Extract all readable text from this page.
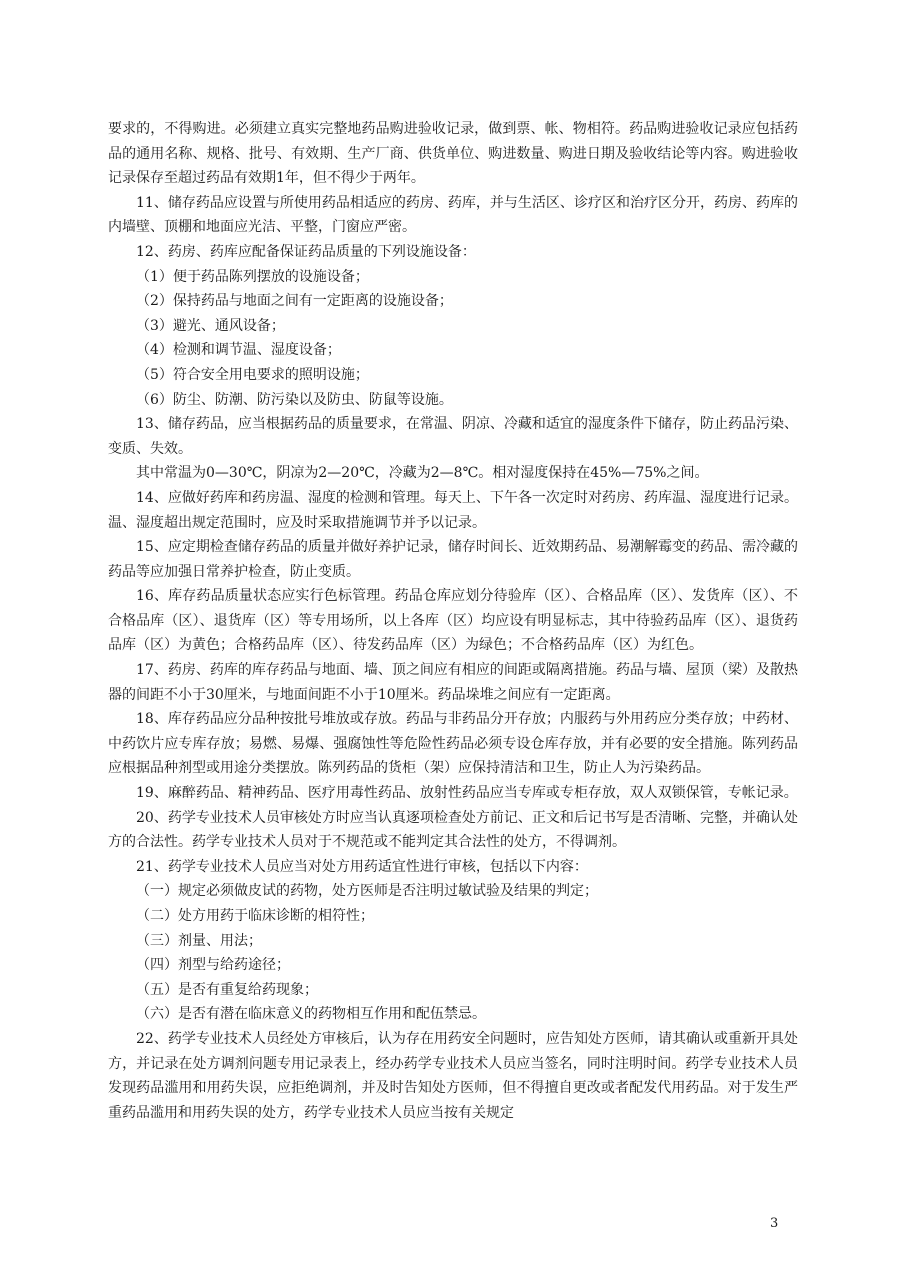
要求的，不得购进。必须建立真实完整地药品购进验收记录，做到票、帐、物相符。药品购进验收记录应包括药品的通用名称、规格、批号、有效期、生产厂商、供货单位、购进数量、购进日期及验收结论等内容。购进验收记录保存至超过药品有效期1年，但不得少于两年。

11、储存药品应设置与所使用药品相适应的药房、药库，并与生活区、诊疗区和治疗区分开，药房、药库的内墙壁、顶棚和地面应光洁、平整，门窗应严密。

12、药房、药库应配备保证药品质量的下列设施设备：

（1）便于药品陈列摆放的设施设备；

（2）保持药品与地面之间有一定距离的设施设备；

（3）避光、通风设备；

（4）检测和调节温、湿度设备；

（5）符合安全用电要求的照明设施；

（6）防尘、防潮、防污染以及防虫、防鼠等设施。

13、储存药品，应当根据药品的质量要求，在常温、阴凉、冷藏和适宜的湿度条件下储存，防止药品污染、变质、失效。

其中常温为0—30℃，阴凉为2—20℃，冷藏为2—8℃。相对湿度保持在45%—75%之间。

14、应做好药库和药房温、湿度的检测和管理。每天上、下午各一次定时对药房、药库温、湿度进行记录。温、湿度超出规定范围时，应及时采取措施调节并予以记录。

15、应定期检查储存药品的质量并做好养护记录，储存时间长、近效期药品、易潮解霉变的药品、需冷藏的药品等应加强日常养护检查，防止变质。

16、库存药品质量状态应实行色标管理。药品仓库应划分待验库（区）、合格品库（区）、发货库（区）、不合格品库（区）、退货库（区）等专用场所，以上各库（区）均应设有明显标志，其中待验药品库（区）、退货药品库（区）为黄色；合格药品库（区）、待发药品库（区）为绿色；不合格药品库（区）为红色。

17、药房、药库的库存药品与地面、墙、顶之间应有相应的间距或隔离措施。药品与墙、屋顶（梁）及散热器的间距不小于30厘米，与地面间距不小于10厘米。药品垛堆之间应有一定距离。

18、库存药品应分品种按批号堆放或存放。药品与非药品分开存放；内服药与外用药应分类存放；中药材、中药饮片应专库存放；易燃、易爆、强腐蚀性等危险性药品必须专设仓库存放，并有必要的安全措施。陈列药品应根据品种剂型或用途分类摆放。陈列药品的货柜（架）应保持清洁和卫生，防止人为污染药品。

19、麻醉药品、精神药品、医疗用毒性药品、放射性药品应当专库或专柜存放，双人双锁保管，专帐记录。

20、药学专业技术人员审核处方时应当认真逐项检查处方前记、正文和后记书写是否清晰、完整，并确认处方的合法性。药学专业技术人员对于不规范或不能判定其合法性的处方，不得调剂。

21、药学专业技术人员应当对处方用药适宜性进行审核，包括以下内容：

（一）规定必须做皮试的药物，处方医师是否注明过敏试验及结果的判定；

（二）处方用药于临床诊断的相符性；

（三）剂量、用法；

（四）剂型与给药途径；

（五）是否有重复给药现象；

（六）是否有潜在临床意义的药物相互作用和配伍禁忌。

22、药学专业技术人员经处方审核后，认为存在用药安全问题时，应告知处方医师，请其确认或重新开具处方，并记录在处方调剂问题专用记录表上，经办药学专业技术人员应当签名，同时注明时间。药学专业技术人员发现药品滥用和用药失误，应拒绝调剂，并及时告知处方医师，但不得擅自更改或者配发代用药品。对于发生严重药品滥用和用药失误的处方，药学专业技术人员应当按有关规定

3
